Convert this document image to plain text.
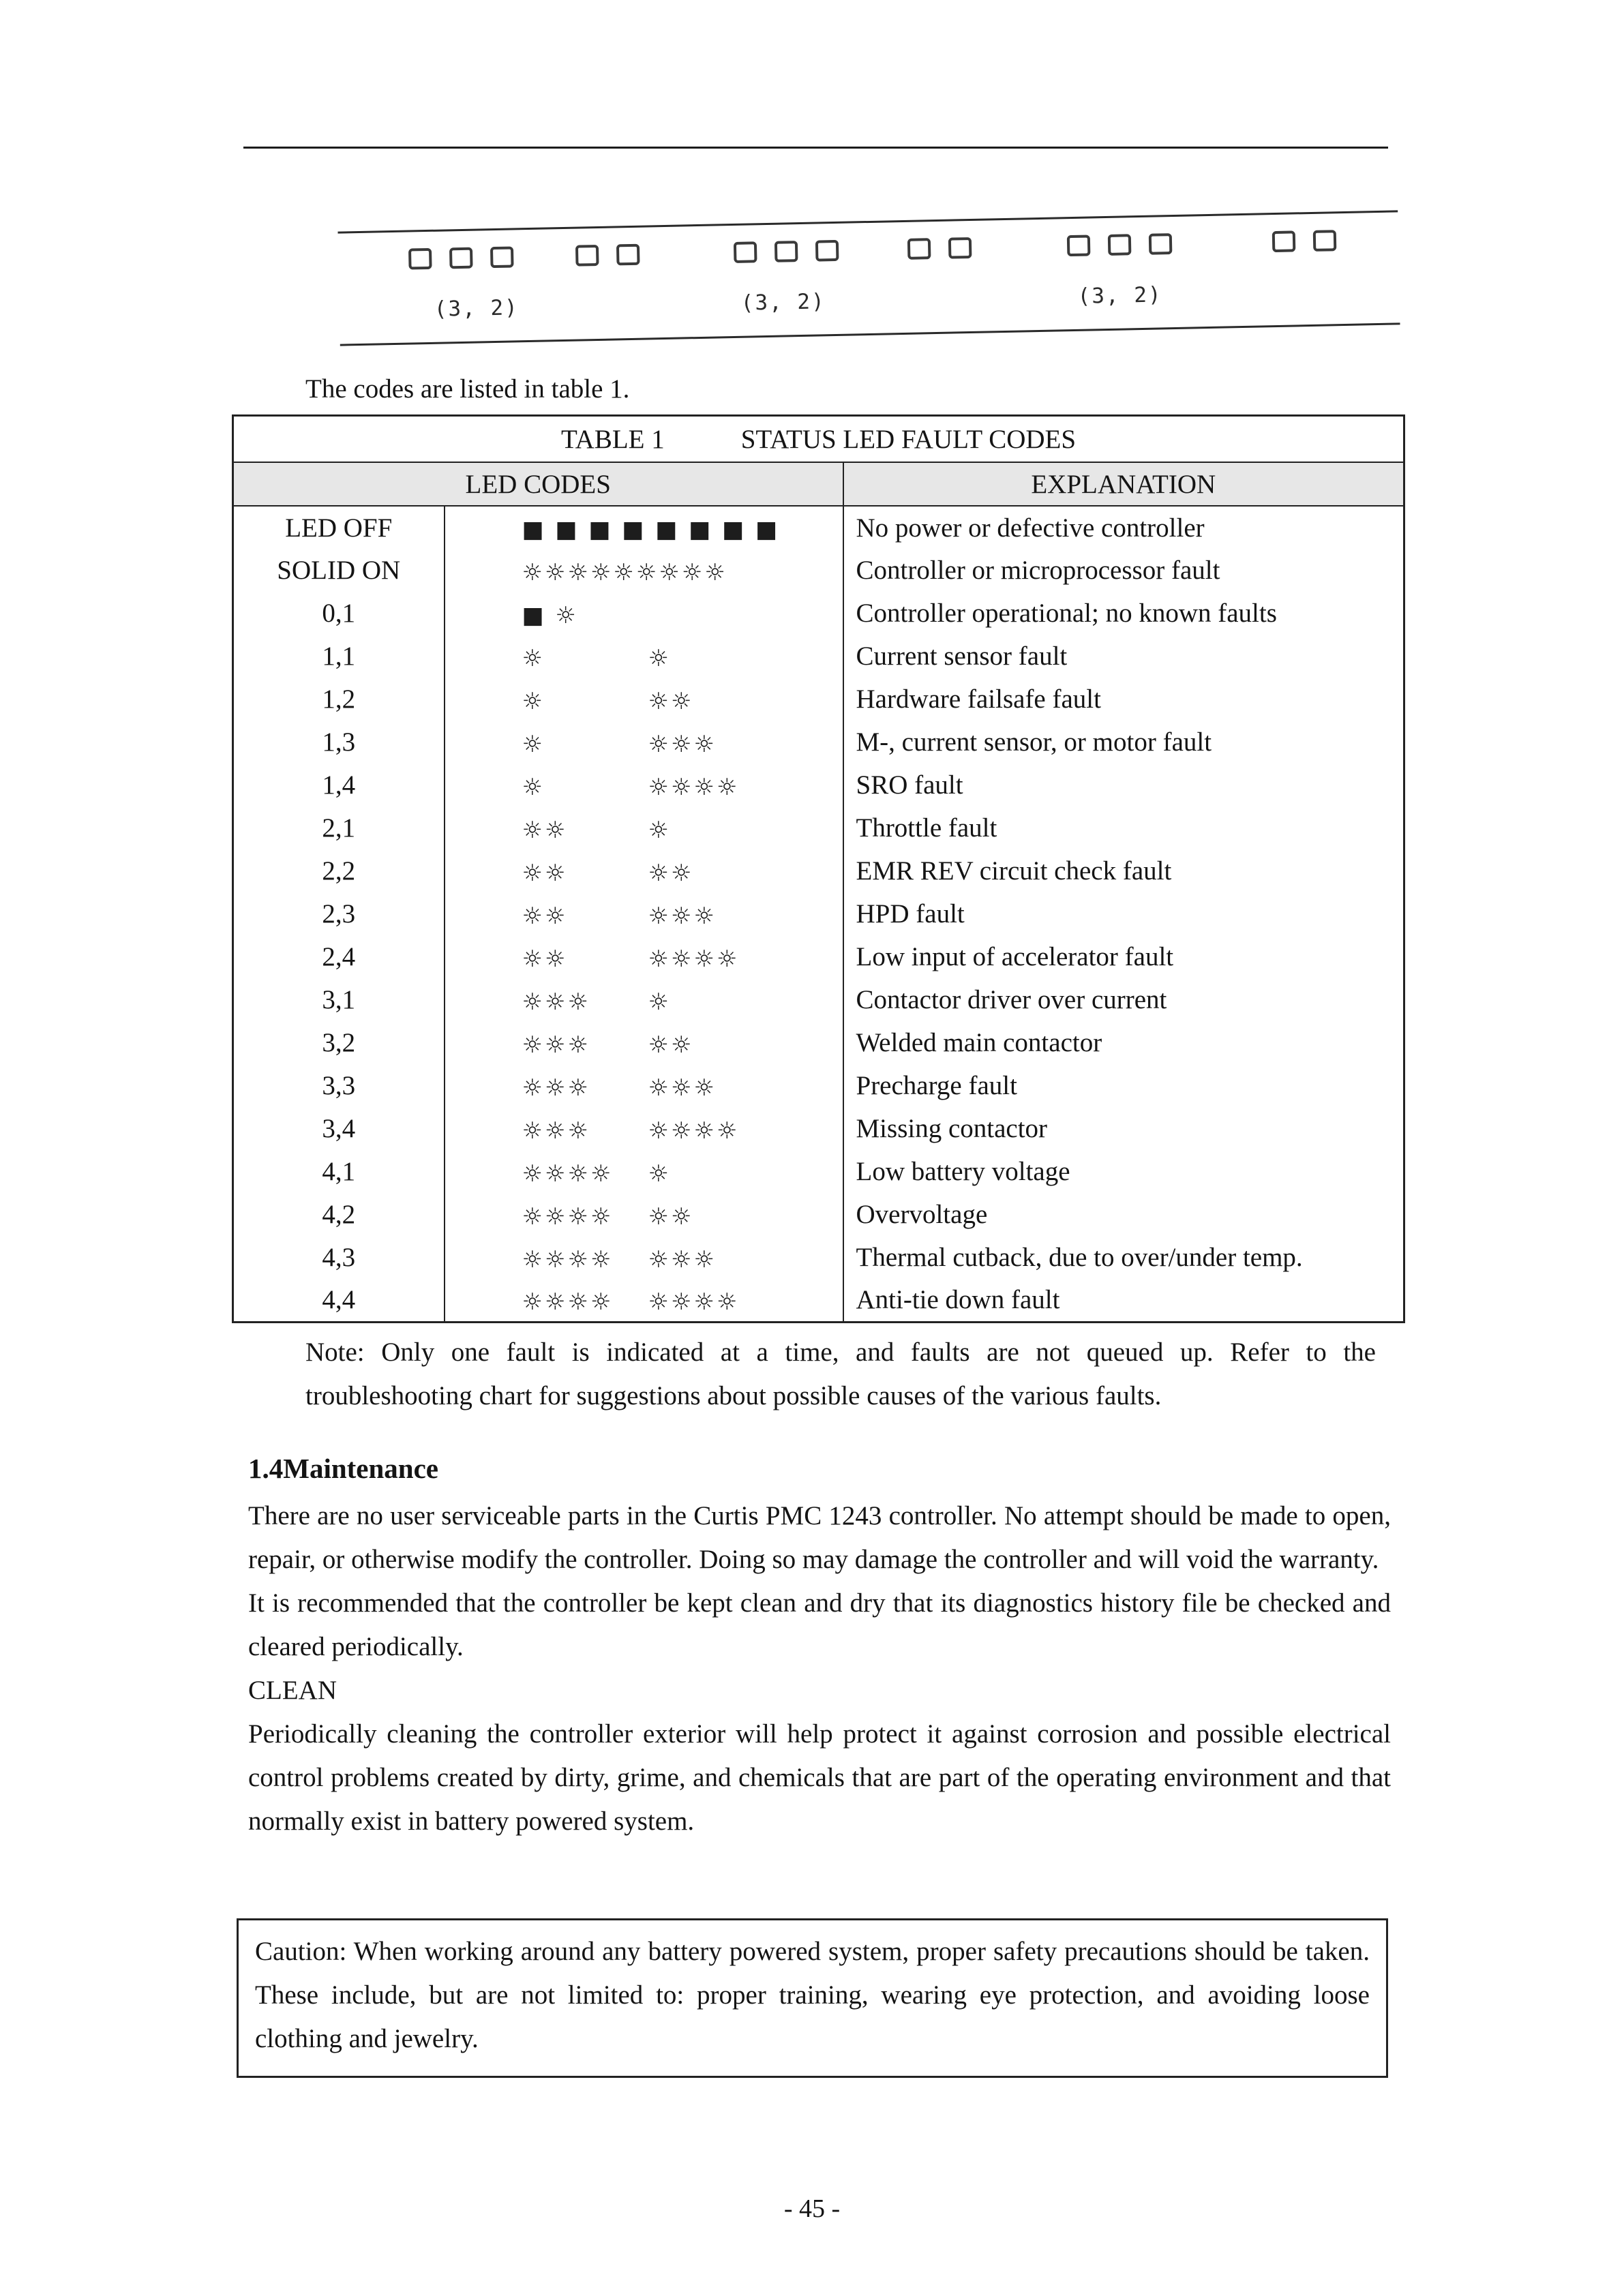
(3, 2)	(3, 2)	(3, 2)

The codes are listed in table 1.

TABLE 1 STATUS LED FAULT CODES		

LED CODES		EXPLANATION
LED OFF	■ ■ ■ ■ ■ ■ ■ ■	No power or defective controller
SOLID ON	☼☼☼☼☼☼☼☼☼	Controller or microprocessor fault
0,1	■ ☼	Controller operational; no known faults
1,1	☼ ☼	Current sensor fault
1,2	☼ ☼☼	Hardware failsafe fault
1,3	☼ ☼☼☼	M-, current sensor, or motor fault
1,4	☼ ☼☼☼☼	SRO fault
2,1	☼☼ ☼	Throttle fault
2,2	☼☼ ☼☼	EMR REV circuit check fault
2,3	☼☼ ☼☼☼	HPD fault
2,4	☼☼ ☼☼☼☼	Low input of accelerator fault
3,1	☼☼☼ ☼	Contactor driver over current
3,2	☼☼☼ ☼☼	Welded main contactor
3,3	☼☼☼ ☼☼☼	Precharge fault
3,4	☼☼☼ ☼☼☼☼	Missing contactor
4,1	☼☼☼☼ ☼	Low battery voltage
4,2	☼☼☼☼ ☼☼	Overvoltage
4,3	☼☼☼☼ ☼☼☼	Thermal cutback, due to over/under temp.
4,4	☼☼☼☼ ☼☼☼☼	Anti-tie down fault

Note: Only one fault is indicated at a time, and faults are not queued up. Refer to the troubleshooting chart for suggestions about possible causes of the various faults.

1.4Maintenance

There are no user serviceable parts in the Curtis PMC 1243 controller. No attempt should be made to open, repair, or otherwise modify the controller. Doing so may damage the controller and will void the warranty.

It is recommended that the controller be kept clean and dry that its diagnostics history file be checked and cleared periodically.

CLEAN

Periodically cleaning the controller exterior will help protect it against corrosion and possible electrical control problems created by dirty, grime, and chemicals that are part of the operating environment and that normally exist in battery powered system.

Caution: When working around any battery powered system, proper safety precautions should be taken. These include, but are not limited to: proper training, wearing eye protection, and avoiding loose clothing and jewelry.

- 45 -
